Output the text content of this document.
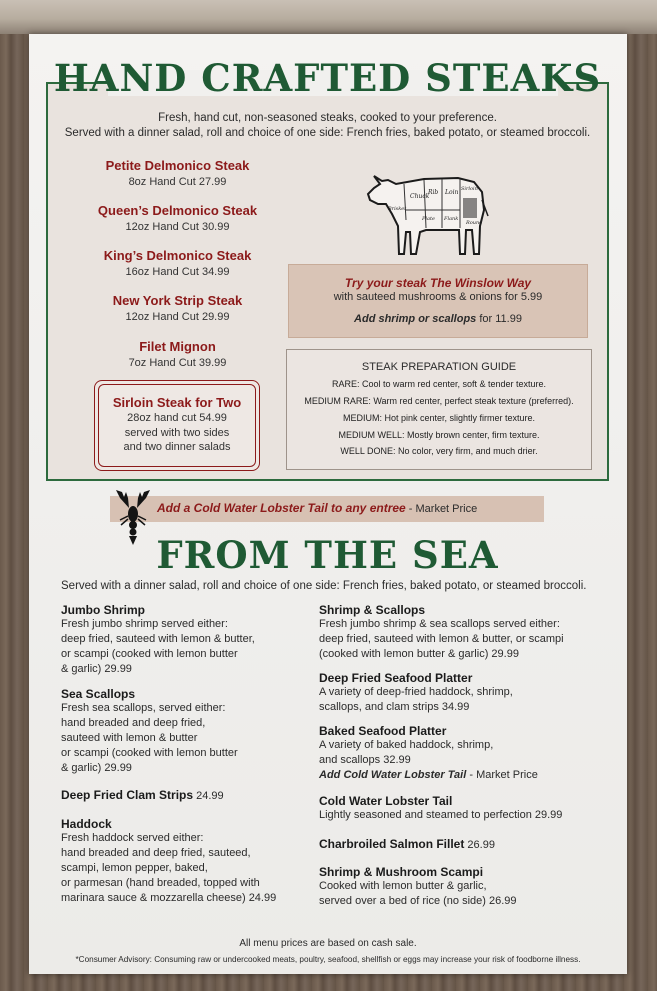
HAND CRAFTED STEAKS
Fresh, hand cut, non-seasoned steaks, cooked to your preference.
Served with a dinner salad, roll and choice of one side: French fries, baked potato, or steamed broccoli.
Petite Delmonico Steak
8oz Hand Cut 27.99
Queen’s Delmonico Steak
12oz Hand Cut 30.99
King’s Delmonico Steak
16oz Hand Cut 34.99
New York Strip Steak
12oz Hand Cut 29.99
Filet Mignon
7oz Hand Cut 39.99
Sirloin Steak for Two
28oz hand cut 54.99
served with two sides
and two dinner salads
Chuck
Rib Loin Sirloin
Round
Brisket
Plate Flank
Try your steak The Winslow Way
with sauteed mushrooms & onions for 5.99
Add shrimp or scallops for 11.99
STEAK PREPARATION GUIDE
RARE: Cool to warm red center, soft & tender texture.
MEDIUM RARE: Warm red center, perfect steak texture (preferred).
MEDIUM: Hot pink center, slightly firmer texture.
MEDIUM WELL: Mostly brown center, firm texture.
WELL DONE: No color, very firm, and much drier.
Add a Cold Water Lobster Tail to any entree - Market Price
FROM THE SEA
Served with a dinner salad, roll and choice of one side: French fries, baked potato, or steamed broccoli.
Jumbo Shrimp
Fresh jumbo shrimp served either:
deep fried, sauteed with lemon & butter,
or scampi (cooked with lemon butter
& garlic) 29.99
Sea Scallops
Fresh sea scallops, served either:
hand breaded and deep fried,
sauteed with lemon & butter
or scampi (cooked with lemon butter
& garlic) 29.99
Deep Fried Clam Strips 24.99
Haddock
Fresh haddock served either:
hand breaded and deep fried, sauteed,
scampi, lemon pepper, baked,
or parmesan (hand breaded, topped with
marinara sauce & mozzarella cheese) 24.99
Shrimp & Scallops
Fresh jumbo shrimp & sea scallops served either:
deep fried, sauteed with lemon & butter, or scampi
(cooked with lemon butter & garlic) 29.99
Deep Fried Seafood Platter
A variety of deep-fried haddock, shrimp,
scallops, and clam strips 34.99
Baked Seafood Platter
A variety of baked haddock, shrimp,
and scallops 32.99
Add Cold Water Lobster Tail - Market Price
Cold Water Lobster Tail
Lightly seasoned and steamed to perfection 29.99
Charbroiled Salmon Fillet 26.99
Shrimp & Mushroom Scampi
Cooked with lemon butter & garlic,
served over a bed of rice (no side) 26.99
All menu prices are based on cash sale.
*Consumer Advisory: Consuming raw or undercooked meats, poultry, seafood, shellfish or eggs may increase your risk of foodborne illness.
